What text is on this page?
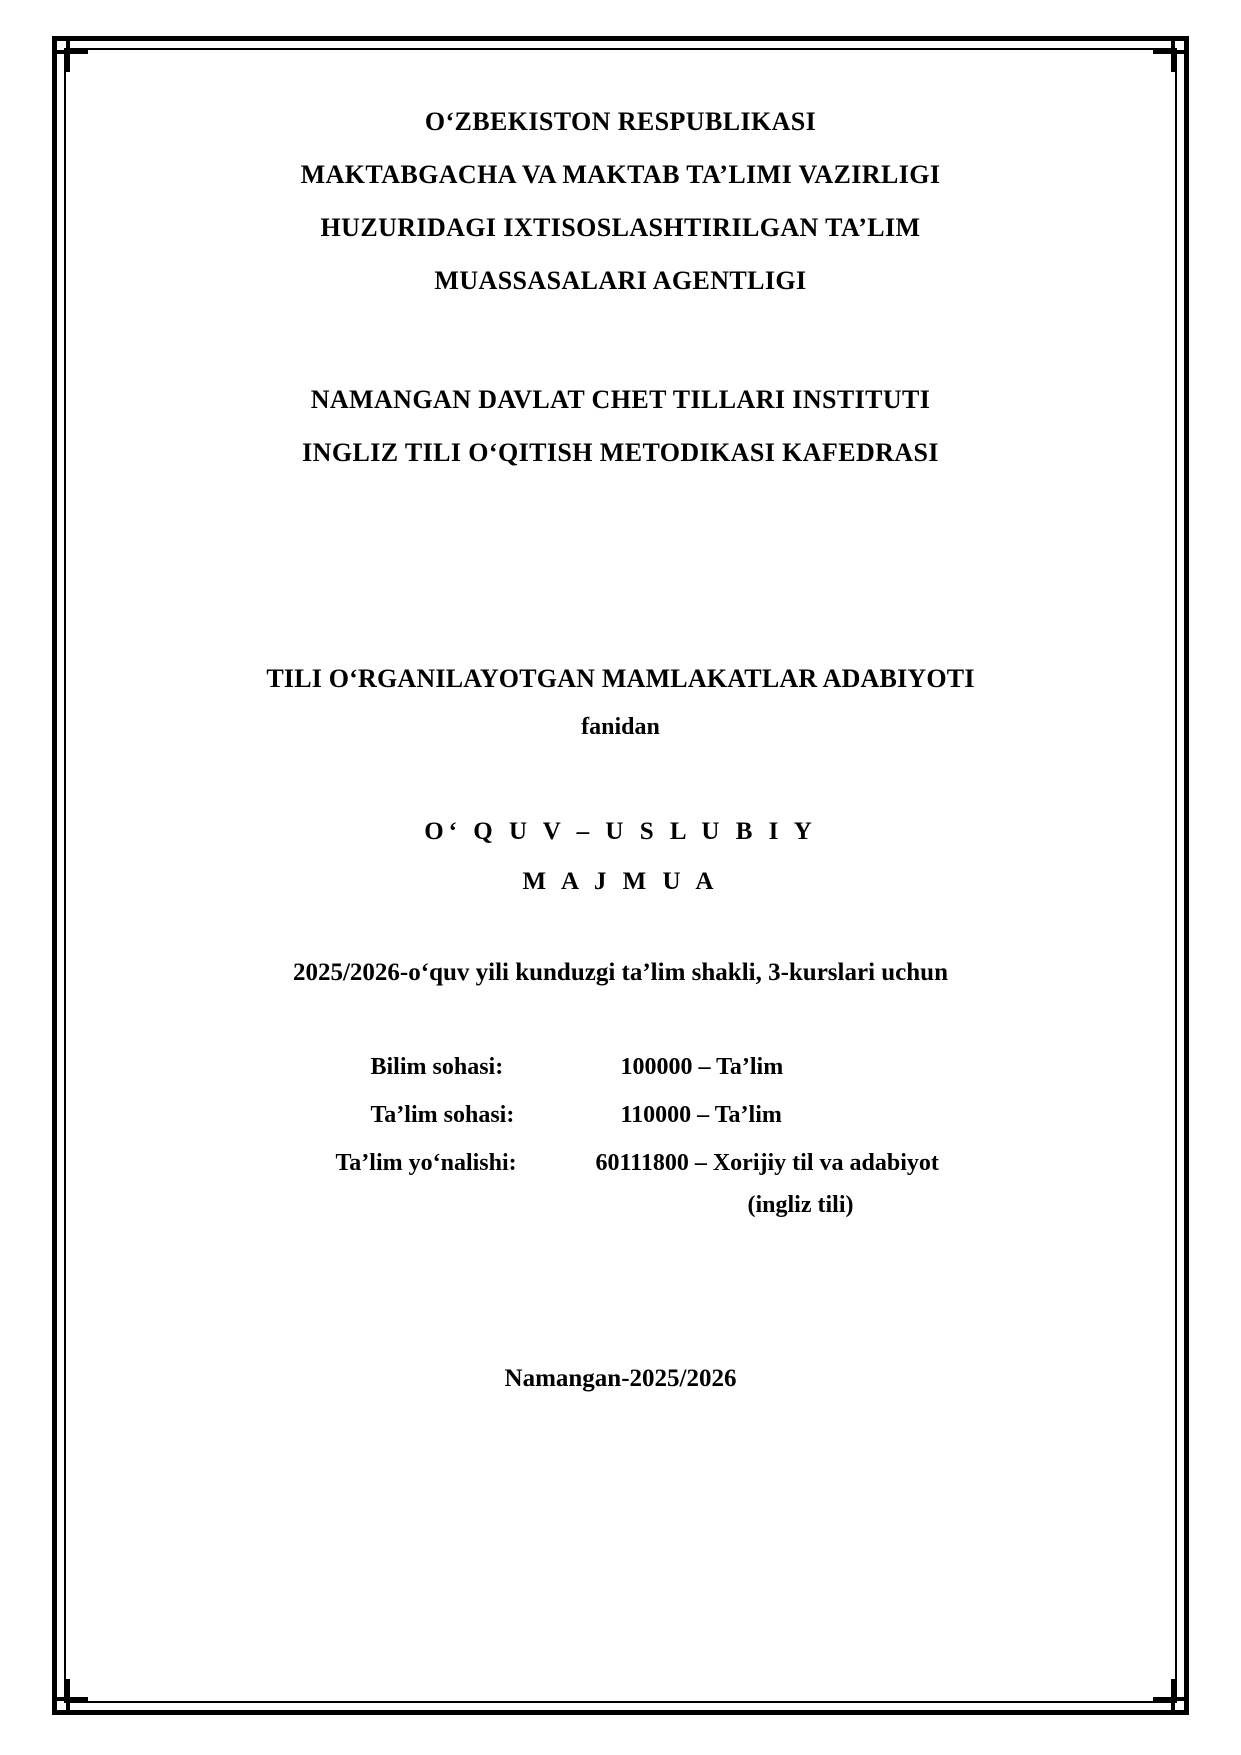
O‘ZBEKISTON RESPUBLIKASI
MAKTABGACHA VA MAKTAB TA’LIMI VAZIRLIGI
HUZURIDAGI IXTISOSLASHTIRILGAN TA’LIM
MUASSASALARI AGENTLIGI
NAMANGAN DAVLAT CHET TILLARI INSTITUTI
INGLIZ TILI O‘QITISH METODIKASI KAFEDRASI
TILI O‘RGANILAYOTGAN MAMLAKATLAR ADABIYOTI
fanidan
O‘ Q U V – U S L U B I Y
M A J M U A
2025/2026-o‘quv yili kunduzgi ta’lim shakli, 3-kurslari uchun
Bilim sohasi:	100000 – Ta’lim
Ta’lim sohasi:	110000 – Ta’lim
Ta’lim yo‘nalishi:	60111800 – Xorijiy til va adabiyot
(ingliz tili)
Namangan-2025/2026
